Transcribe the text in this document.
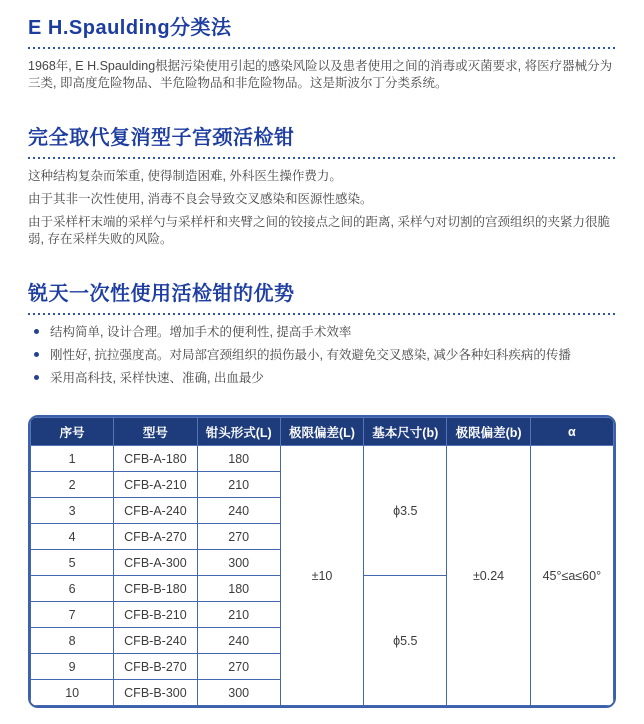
E H.Spaulding分类法

1968年, E H.Spaulding根据污染使用引起的感染风险以及患者使用之间的消毒或灭菌要求, 将医疗器械分为三类, 即高度危险物品、半危险物品和非危险物品。这是斯波尔丁分类系统。

完全取代复消型子宫颈活检钳

这种结构复杂而笨重, 使得制造困难, 外科医生操作费力。

由于其非一次性使用, 消毒不良会导致交叉感染和医源性感染。

由于采样杆末端的采样勺与采样杆和夹臂之间的铰接点之间的距离, 采样勺对切割的宫颈组织的夹紧力很脆弱, 存在采样失败的风险。

锐天一次性使用活检钳的优势
结构简单, 设计合理。增加手术的便利性, 提高手术效率
刚性好, 抗拉强度高。对局部宫颈组织的损伤最小, 有效避免交叉感染, 减少各种妇科疾病的传播
采用高科技, 采样快速、准确, 出血最少
序号	型号	钳头形式(L)	极限偏差(L)	基本尺寸(b)	极限偏差(b)	α
1	CFB-A-180	180	±10	ϕ3.5	±0.24	45°≤a≤60°
2	CFB-A-210	210				
3	CFB-A-240	240				
4	CFB-A-270	270				
5	CFB-A-300	300				
6	CFB-B-180	180		ϕ5.5		
7	CFB-B-210	210				
8	CFB-B-240	240				
9	CFB-B-270	270				
10	CFB-B-300	300				
